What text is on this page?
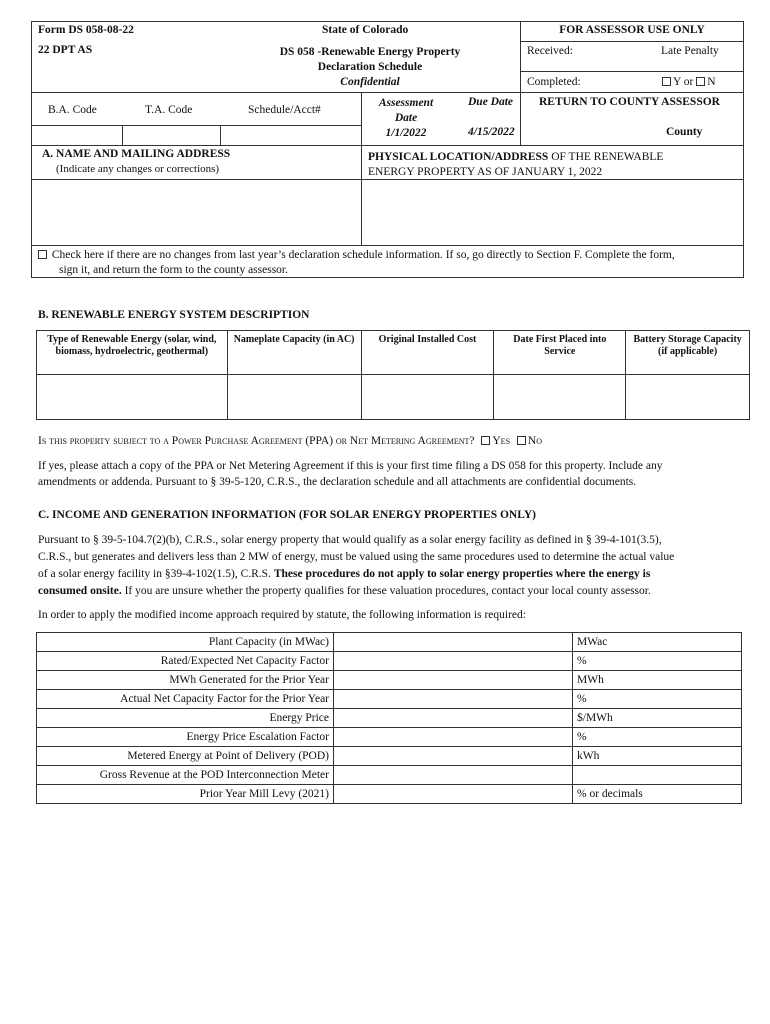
Form DS 058-08-22
22 DPT AS
State of Colorado
DS 058 -Renewable Energy Property
Declaration Schedule
Confidential
FOR ASSESSOR USE ONLY
Received:	Late Penalty
Completed:	Y or N
B.A. Code	T.A. Code	Schedule/Acct#
Assessment
Date
1/1/2022
Due Date
4/15/2022
RETURN TO COUNTY ASSESSOR
County
A. NAME AND MAILING ADDRESS
(Indicate any changes or corrections)
PHYSICAL LOCATION/ADDRESS OF THE RENEWABLE
ENERGY PROPERTY AS OF JANUARY 1, 2022
Check here if there are no changes from last year’s declaration schedule information. If so, go directly to Section F. Complete the form,
sign it, and return the form to the county assessor.
B. RENEWABLE ENERGY SYSTEM DESCRIPTION
Type of Renewable Energy (solar, wind, biomass, hydroelectric, geothermal)	Nameplate Capacity (in AC)	Original Installed Cost	Date First Placed into Service	Battery Storage Capacity (if applicable)

Is this property subject to a Power Purchase Agreement (PPA) or Net Metering Agreement? Yes No
If yes, please attach a copy of the PPA or Net Metering Agreement if this is your first time filing a DS 058 for this property. Include any
amendments or addenda. Pursuant to § 39-5-120, C.R.S., the declaration schedule and all attachments are confidential documents.
C. INCOME AND GENERATION INFORMATION (FOR SOLAR ENERGY PROPERTIES ONLY)
Pursuant to § 39-5-104.7(2)(b), C.R.S., solar energy property that would qualify as a solar energy facility as defined in § 39-4-101(3.5),
C.R.S., but generates and delivers less than 2 MW of energy, must be valued using the same procedures used to determine the actual value
of a solar energy facility in §39-4-102(1.5), C.R.S. These procedures do not apply to solar energy properties where the energy is
consumed onsite. If you are unsure whether the property qualifies for these valuation procedures, contact your local county assessor.
In order to apply the modified income approach required by statute, the following information is required:
Plant Capacity (in MWac)		MWac
Rated/Expected Net Capacity Factor		%
MWh Generated for the Prior Year		MWh
Actual Net Capacity Factor for the Prior Year		%
Energy Price		$/MWh
Energy Price Escalation Factor		%
Metered Energy at Point of Delivery (POD)		kWh
Gross Revenue at the POD Interconnection Meter		
Prior Year Mill Levy (2021)		% or decimals
